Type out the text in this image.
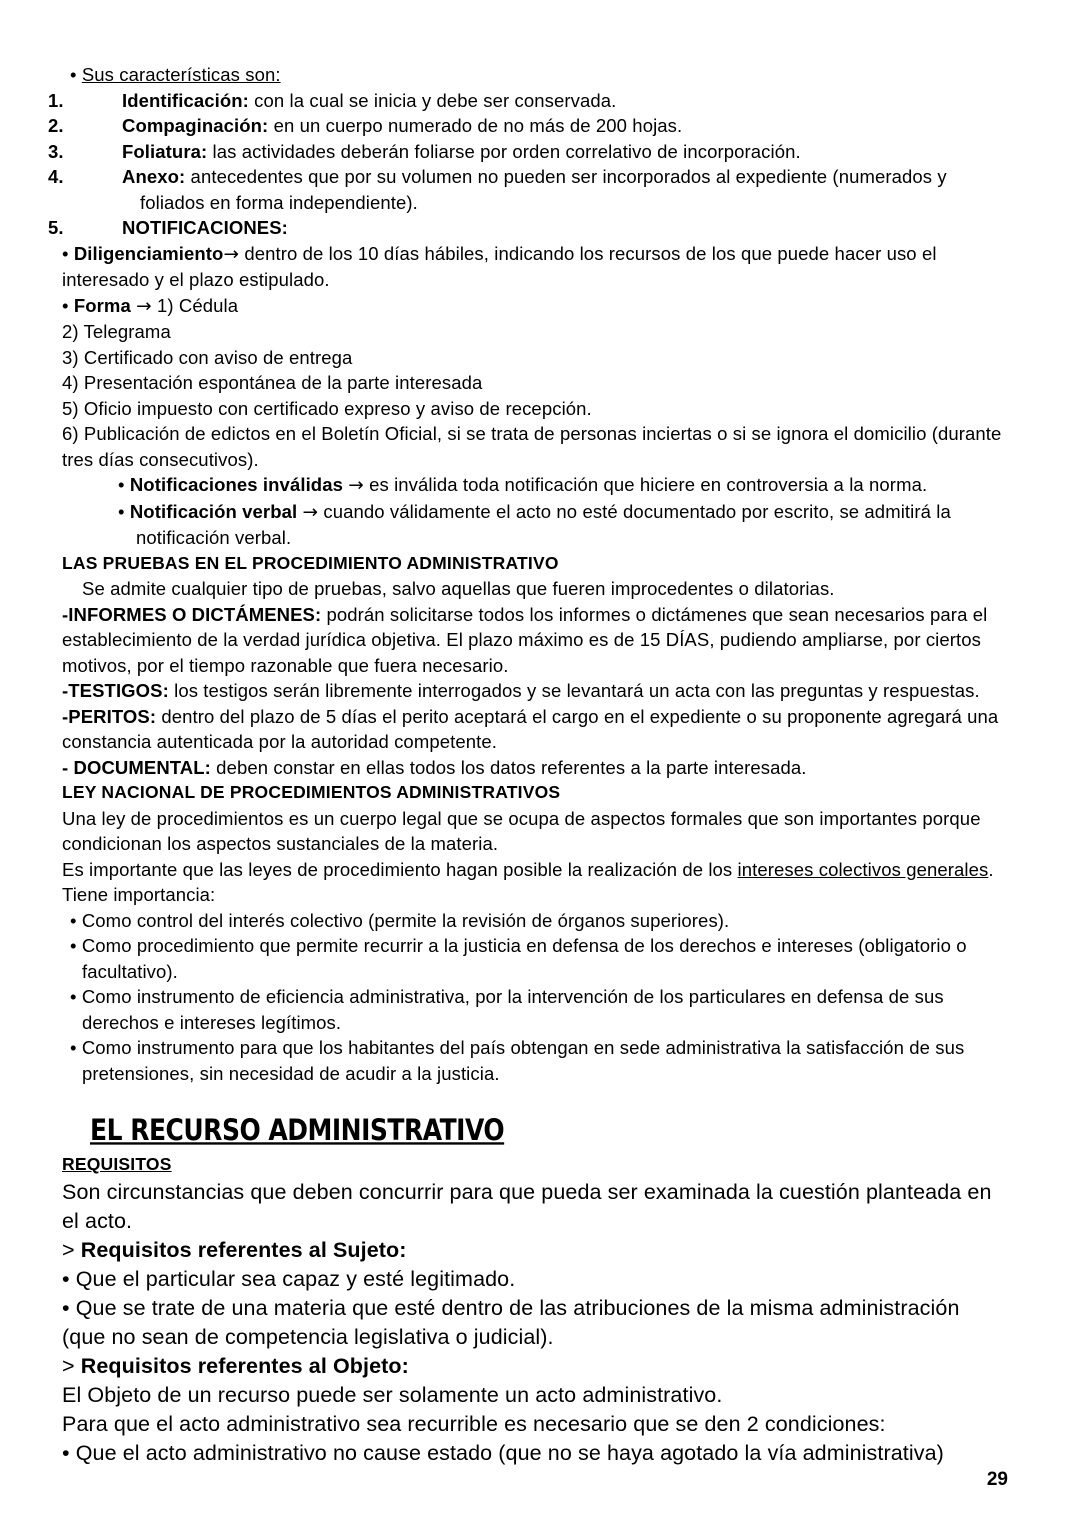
• Sus características son:

1.	Identificación: con la cual se inicia y debe ser conservada.

2.	Compaginación: en un cuerpo numerado de no más de 200 hojas.

3.	Foliatura: las actividades deberán foliarse por orden correlativo de incorporación.

4.	Anexo: antecedentes que por su volumen no pueden ser incorporados al expediente (numerados y foliados en forma independiente).

5.	NOTIFICACIONES:

• Diligenciamiento→ dentro de los 10 días hábiles, indicando los recursos de los que puede hacer uso el interesado y el plazo estipulado.

• Forma → 1) Cédula

2) Telegrama

3) Certificado con aviso de entrega

4) Presentación espontánea de la parte interesada

5) Oficio impuesto con certificado expreso y aviso de recepción.

6) Publicación de edictos en el Boletín Oficial, si se trata de personas inciertas o si se ignora el domicilio (durante tres días consecutivos).

• Notificaciones inválidas → es inválida toda notificación que hiciere en controversia a la norma.

• Notificación verbal → cuando válidamente el acto no esté documentado por escrito, se admitirá la notificación verbal.

LAS PRUEBAS EN EL PROCEDIMIENTO ADMINISTRATIVO

Se admite cualquier tipo de pruebas, salvo aquellas que fueren improcedentes o dilatorias.

-INFORMES O DICTÁMENES: podrán solicitarse todos los informes o dictámenes que sean necesarios para el establecimiento de la verdad jurídica objetiva. El plazo máximo es de 15 DÍAS, pudiendo ampliarse, por ciertos motivos, por el tiempo razonable que fuera necesario.

-TESTIGOS: los testigos serán libremente interrogados y se levantará un acta con las preguntas y respuestas.

-PERITOS: dentro del plazo de 5 días el perito aceptará el cargo en el expediente o su proponente agregará una constancia autenticada por la autoridad competente.

- DOCUMENTAL: deben constar en ellas todos los datos referentes a la parte interesada.

LEY NACIONAL DE PROCEDIMIENTOS ADMINISTRATIVOS

Una ley de procedimientos es un cuerpo legal que se ocupa de aspectos formales que son importantes porque condicionan los aspectos sustanciales de la materia.

Es importante que las leyes de procedimiento hagan posible la realización de los intereses colectivos generales.

Tiene importancia:

• Como control del interés colectivo (permite la revisión de órganos superiores).

• Como procedimiento que permite recurrir a la justicia en defensa de los derechos e intereses (obligatorio o facultativo).

• Como instrumento de eficiencia administrativa, por la intervención de los particulares en defensa de sus derechos e intereses legítimos.

• Como instrumento para que los habitantes del país obtengan en sede administrativa la satisfacción de sus pretensiones, sin necesidad de acudir a la justicia.

EL RECURSO ADMINISTRATIVO

REQUISITOS

Son circunstancias que deben concurrir para que pueda ser examinada la cuestión planteada en el acto.

> Requisitos referentes al Sujeto:

• Que el particular sea capaz y esté legitimado.

• Que se trate de una materia que esté dentro de las atribuciones de la misma administración (que no sean de competencia legislativa o judicial).

> Requisitos referentes al Objeto:

El Objeto de un recurso puede ser solamente un acto administrativo.

Para que el acto administrativo sea recurrible es necesario que se den 2 condiciones:

• Que el acto administrativo no cause estado (que no se haya agotado la vía administrativa)

29
